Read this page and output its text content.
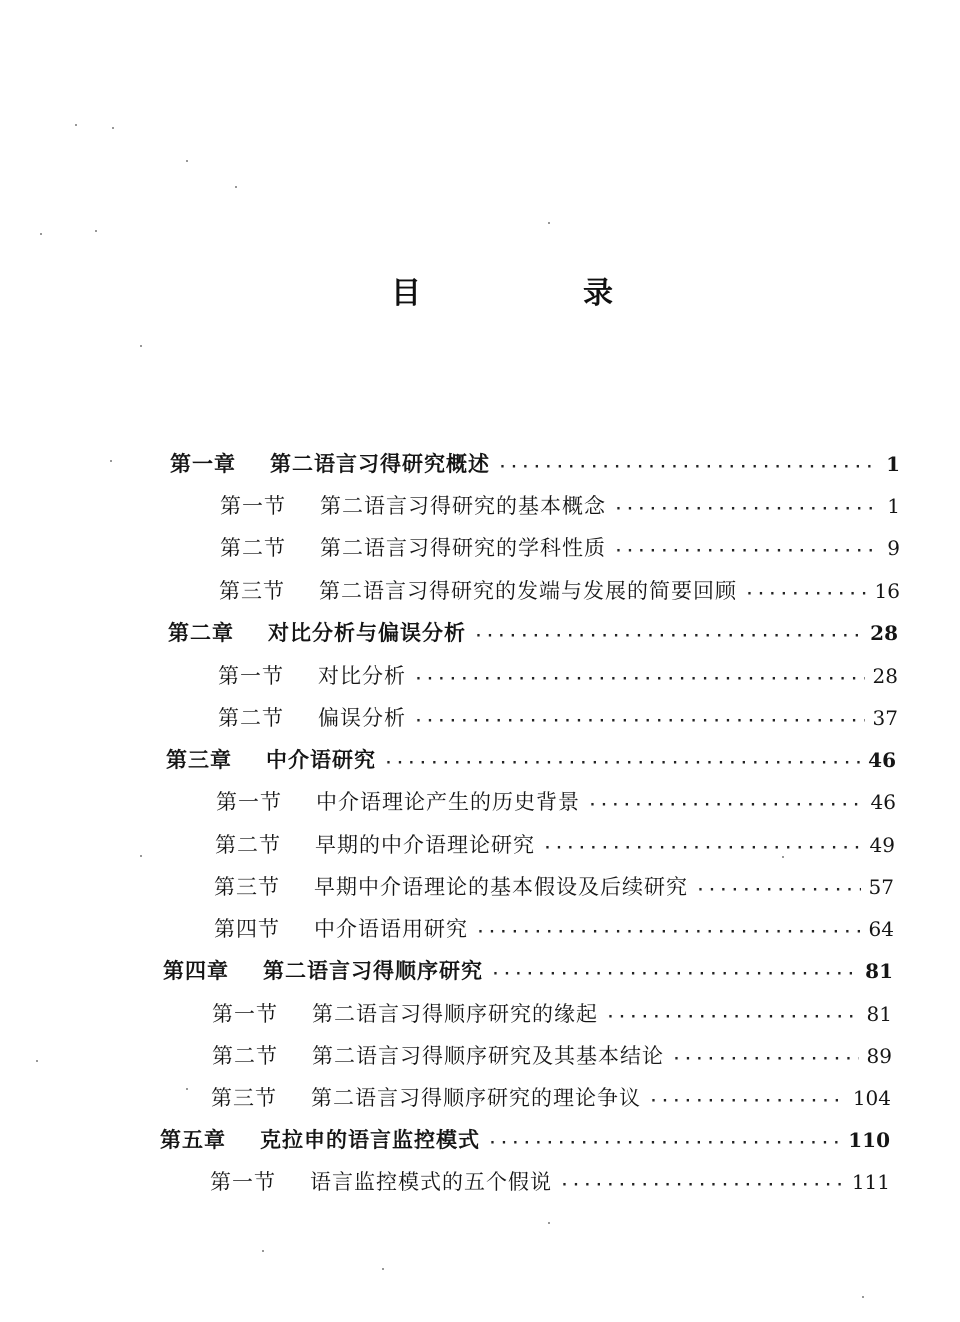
目　录
第一章	第二语言习得研究概述 · · ·	1
第一节	第二语言习得研究的基本概念 · · ·	1
第二节	第二语言习得研究的学科性质 · · ·	9
第三节	第二语言习得研究的发端与发展的简要回顾 · · ·	16
第二章	对比分析与偏误分析 · · ·	28
第一节	对比分析 · · ·	28
第二节	偏误分析 · · ·	37
第三章	中介语研究 · · ·	46
第一节	中介语理论产生的历史背景 · · ·	46
第二节	早期的中介语理论研究 · · ·	49
第三节	早期中介语理论的基本假设及后续研究 · · ·	57
第四节	中介语语用研究 · · ·	64
第四章	第二语言习得顺序研究 · · ·	81
第一节	第二语言习得顺序研究的缘起 · · ·	81
第二节	第二语言习得顺序研究及其基本结论 · · ·	89
第三节	第二语言习得顺序研究的理论争议 · · ·	104
第五章	克拉申的语言监控模式 · · ·	110
第一节	语言监控模式的五个假说 · · ·	111
